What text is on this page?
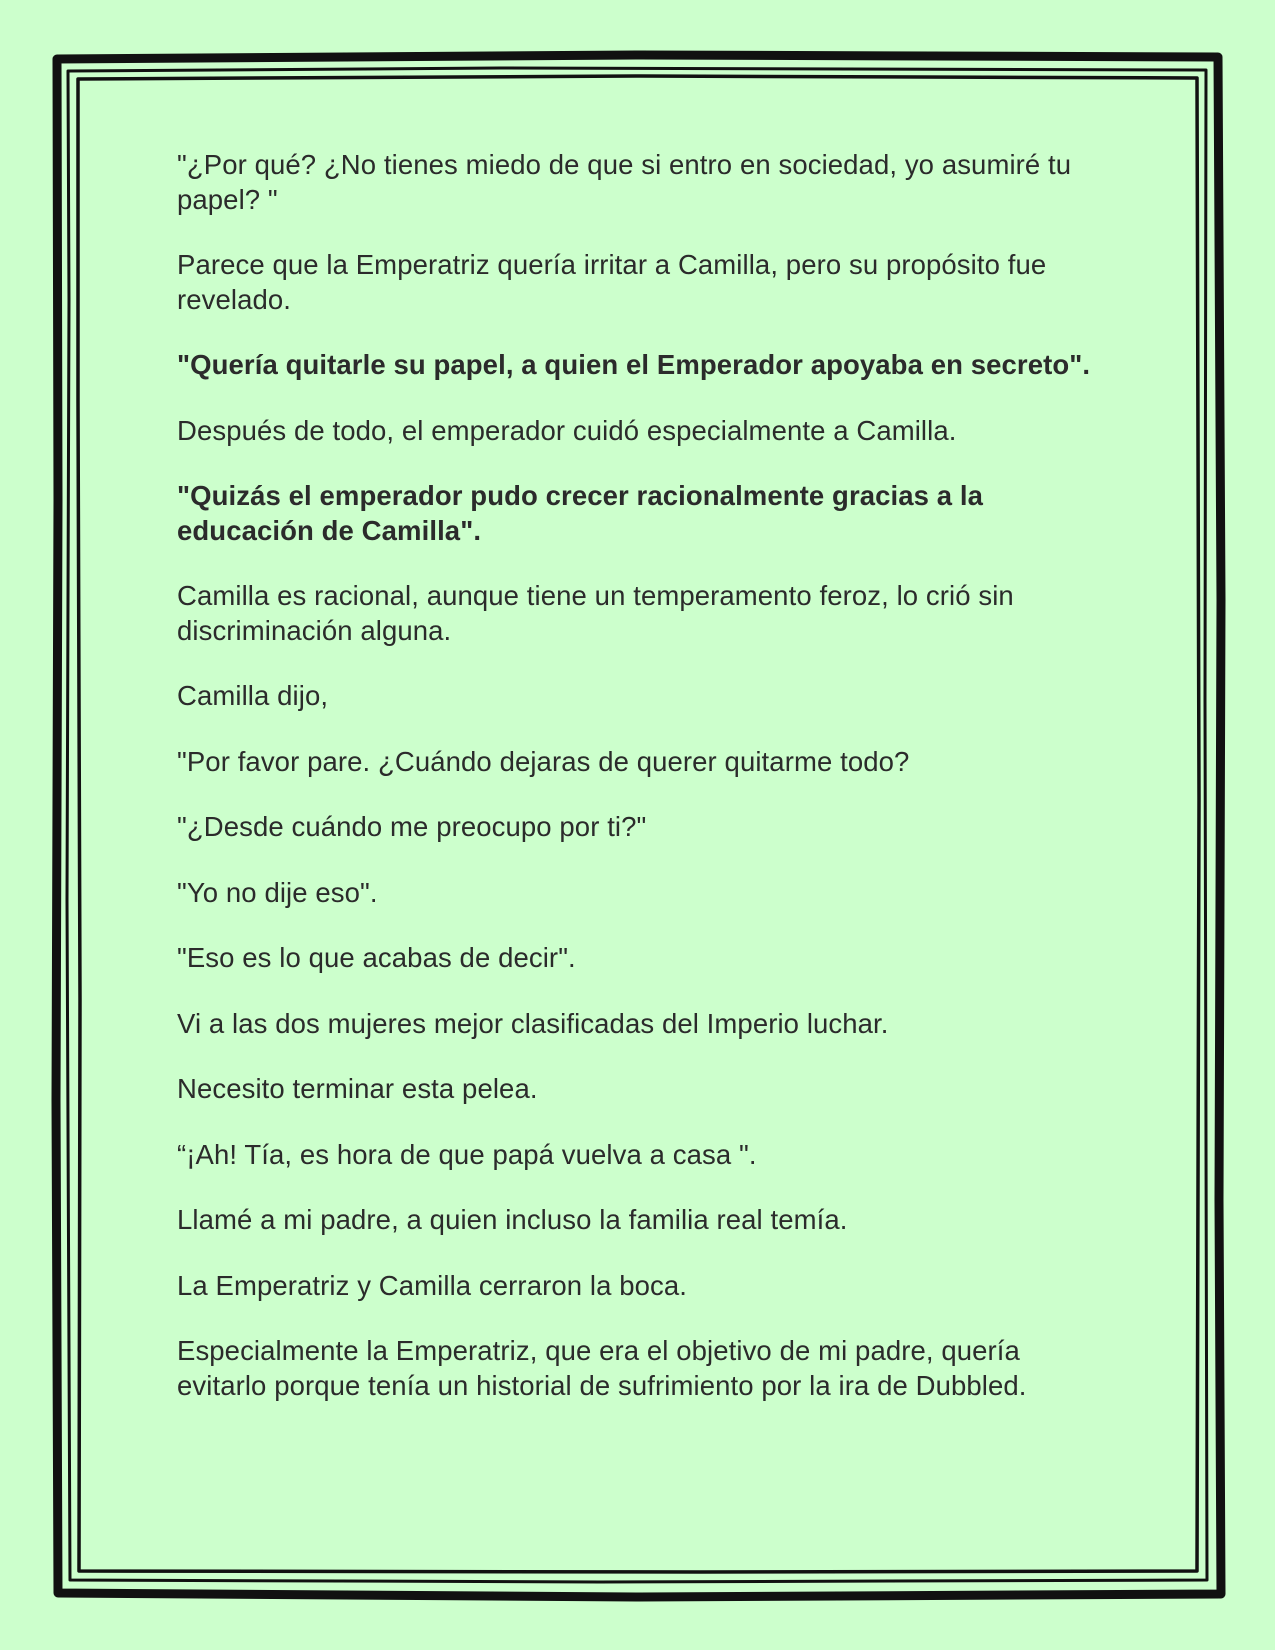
"¿Por qué? ¿No tienes miedo de que si entro en sociedad, yo asumiré tu papel? "

Parece que la Emperatriz quería irritar a Camilla, pero su propósito fue revelado.

"Quería quitarle su papel, a quien el Emperador apoyaba en secreto".

Después de todo, el emperador cuidó especialmente a Camilla.

"Quizás el emperador pudo crecer racionalmente gracias a la educación de Camilla".

Camilla es racional, aunque tiene un temperamento feroz, lo crió sin discriminación alguna.

Camilla dijo,

"Por favor pare. ¿Cuándo dejaras de querer quitarme todo?

"¿Desde cuándo me preocupo por ti?"

"Yo no dije eso".

"Eso es lo que acabas de decir".

Vi a las dos mujeres mejor clasificadas del Imperio luchar.

Necesito terminar esta pelea.

“¡Ah! Tía, es hora de que papá vuelva a casa ".

Llamé a mi padre, a quien incluso la familia real temía.

La Emperatriz y Camilla cerraron la boca.

Especialmente la Emperatriz, que era el objetivo de mi padre, quería evitarlo porque tenía un historial de sufrimiento por la ira de Dubbled.
